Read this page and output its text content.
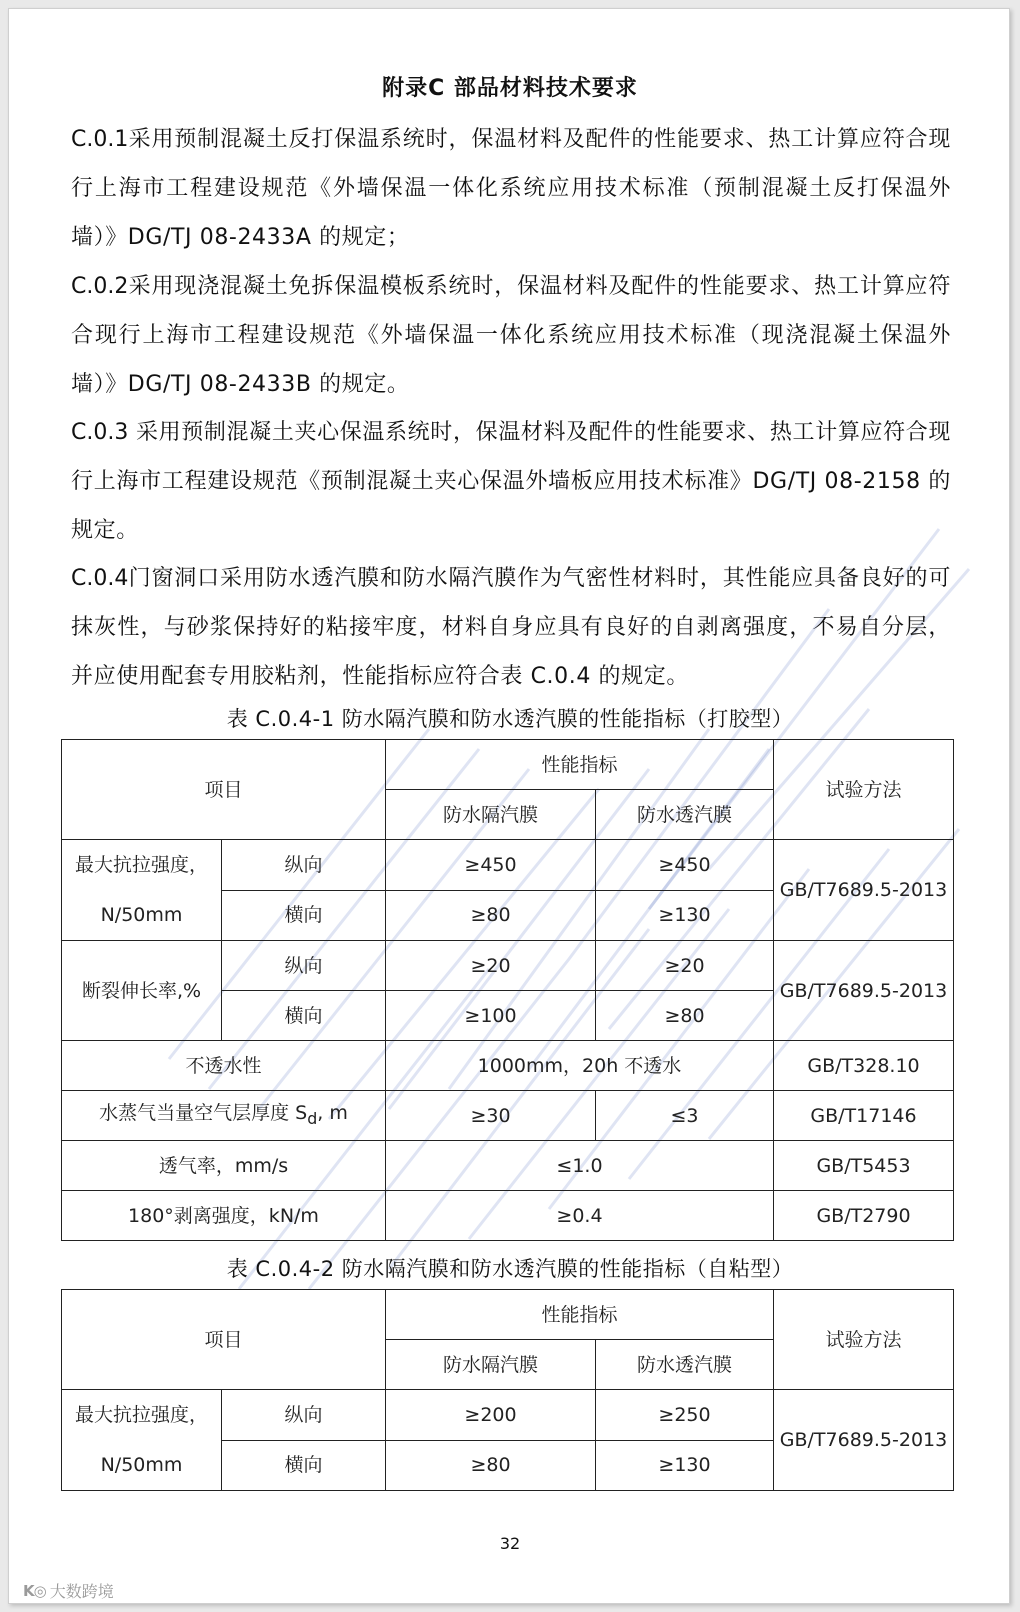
附录C 部品材料技术要求

C.0.1采用预制混凝土反打保温系统时，保温材料及配件的性能要求、热工计算应符合现行上海市工程建设规范《外墙保温一体化系统应用技术标准（预制混凝土反打保温外墙）》DG/TJ 08-2433A 的规定；

C.0.2采用现浇混凝土免拆保温模板系统时，保温材料及配件的性能要求、热工计算应符合现行上海市工程建设规范《外墙保温一体化系统应用技术标准（现浇混凝土保温外墙）》DG/TJ 08-2433B 的规定。

C.0.3 采用预制混凝土夹心保温系统时，保温材料及配件的性能要求、热工计算应符合现行上海市工程建设规范《预制混凝土夹心保温外墙板应用技术标准》DG/TJ 08-2158 的规定。

C.0.4门窗洞口采用防水透汽膜和防水隔汽膜作为气密性材料时，其性能应具备良好的可抹灰性，与砂浆保持好的粘接牢度，材料自身应具有良好的自剥离强度，不易自分层，并应使用配套专用胶粘剂，性能指标应符合表 C.0.4 的规定。

表 C.0.4-1 防水隔汽膜和防水透汽膜的性能指标（打胶型）
项目		性能指标		试验方法
		防水隔汽膜	防水透汽膜	
最大抗拉强度，N/50mm	纵向	≥450	≥450	GB/T7689.5-2013
	横向	≥80	≥130	
断裂伸长率,%	纵向	≥20	≥20	GB/T7689.5-2013
	横向	≥100	≥80	
不透水性		1000mm，20h 不透水		GB/T328.10
水蒸气当量空气层厚度 $S_d$, m		≥30	≤3	GB/T17146
透气率，mm/s		≤1.0		GB/T5453
180°剥离强度，kN/m		≥0.4		GB/T2790
表 C.0.4-2 防水隔汽膜和防水透汽膜的性能指标（自粘型）
项目		性能指标		试验方法
		防水隔汽膜	防水透汽膜	
最大抗拉强度，N/50mm	纵向	≥200	≥250	GB/T7689.5-2013
	横向	≥80	≥130	
32
K◎ 大数跨境
